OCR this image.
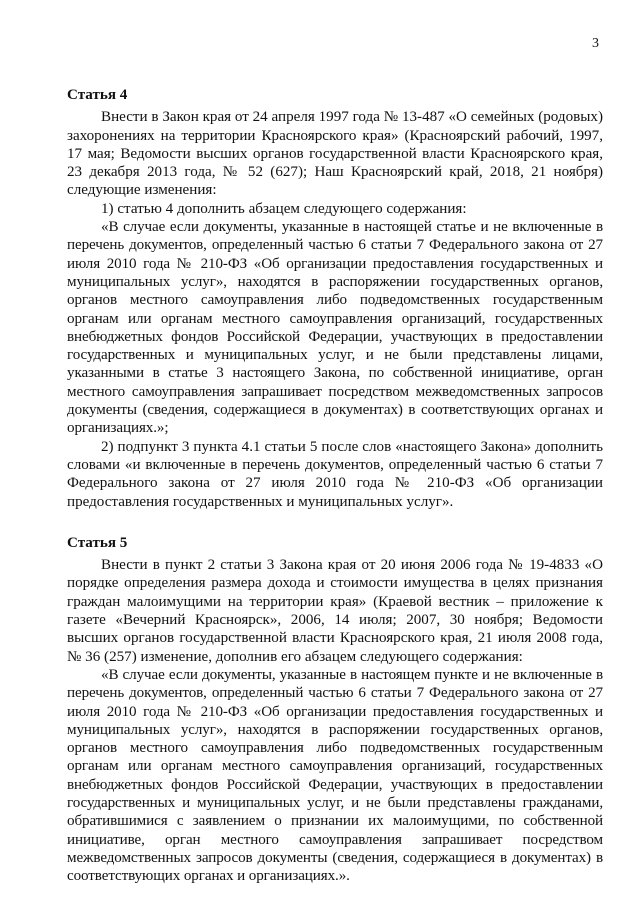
3
Статья 4

Внести в Закон края от 24 апреля 1997 года № 13-487 «О семейных (родовых) захоронениях на территории Красноярского края» (Красноярский рабочий, 1997, 17 мая; Ведомости высших органов государственной власти Красноярского края, 23 декабря 2013 года, № 52 (627); Наш Красноярский край, 2018, 21 ноября) следующие изменения:

1) статью 4 дополнить абзацем следующего содержания:

«В случае если документы, указанные в настоящей статье и не включенные в перечень документов, определенный частью 6 статьи 7 Федерального закона от 27 июля 2010 года № 210-ФЗ «Об организации предоставления государственных и муниципальных услуг», находятся в распоряжении государственных органов, органов местного самоуправления либо подведомственных государственным органам или органам местного самоуправления организаций, государственных внебюджетных фондов Российской Федерации, участвующих в предоставлении государственных и муниципальных услуг, и не были представлены лицами, указанными в статье 3 настоящего Закона, по собственной инициативе, орган местного самоуправления запрашивает посредством межведомственных запросов документы (сведения, содержащиеся в документах) в соответствующих органах и организациях.»;

2) подпункт 3 пункта 4.1 статьи 5 после слов «настоящего Закона» дополнить словами «и включенные в перечень документов, определенный частью 6 статьи 7 Федерального закона от 27 июля 2010 года № 210-ФЗ «Об организации предоставления государственных и муниципальных услуг».

Статья 5

Внести в пункт 2 статьи 3 Закона края от 20 июня 2006 года № 19-4833 «О порядке определения размера дохода и стоимости имущества в целях признания граждан малоимущими на территории края» (Краевой вестник – приложение к газете «Вечерний Красноярск», 2006, 14 июля; 2007, 30 ноября; Ведомости высших органов государственной власти Красноярского края, 21 июля 2008 года, № 36 (257) изменение, дополнив его абзацем следующего содержания:

«В случае если документы, указанные в настоящем пункте и не включенные в перечень документов, определенный частью 6 статьи 7 Федерального закона от 27 июля 2010 года № 210-ФЗ «Об организации предоставления государственных и муниципальных услуг», находятся в распоряжении государственных органов, органов местного самоуправления либо подведомственных государственным органам или органам местного самоуправления организаций, государственных внебюджетных фондов Российской Федерации, участвующих в предоставлении государственных и муниципальных услуг, и не были представлены гражданами, обратившимися с заявлением о признании их малоимущими, по собственной инициативе, орган местного самоуправления запрашивает посредством межведомственных запросов документы (сведения, содержащиеся в документах) в соответствующих органах и организациях.».
